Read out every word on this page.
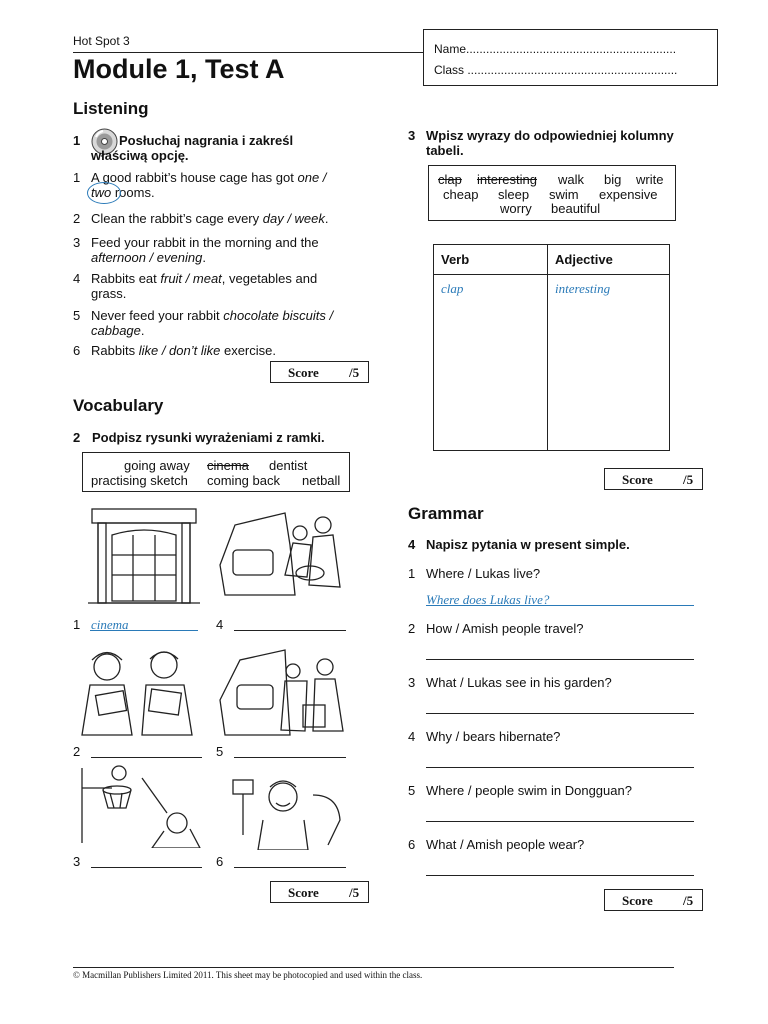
Hot Spot 3
Module 1, Test A
Name...............................................................
Class ...............................................................
Listening
1	Posłuchaj nagrania i zakreśl właściwą opcję.
1 A good rabbit’s house cage has got one /
two
rooms.
2 Clean the rabbit’s cage every day / week.
3 Feed your rabbit in the morning and the afternoon / evening.
4 Rabbits eat fruit / meat, vegetables and grass.
5 Never feed your rabbit chocolate biscuits / cabbage.
6 Rabbits like / don’t like exercise.
Score /5
Vocabulary
2 Podpisz rysunki wyrażeniami z ramki.
going away cinema dentist
practising sketch coming back netball
1 cinema	4
2	5
3	6
Score /5
3 Wpisz wyrazy do odpowiedniej kolumny tabeli.
clap interesting walk big write
cheap sleep swim expensive
worry beautiful
Verb	Adjective
clap	interesting
Score /5
Grammar
4 Napisz pytania w present simple.
1 Where / Lukas live?
Where does Lukas live?
2 How / Amish people travel?
3 What / Lukas see in his garden?
4 Why / bears hibernate?
5 Where / people swim in Dongguan?
6 What / Amish people wear?
Score /5
© Macmillan Publishers Limited 2011. This sheet may be photocopied and used within the class.
